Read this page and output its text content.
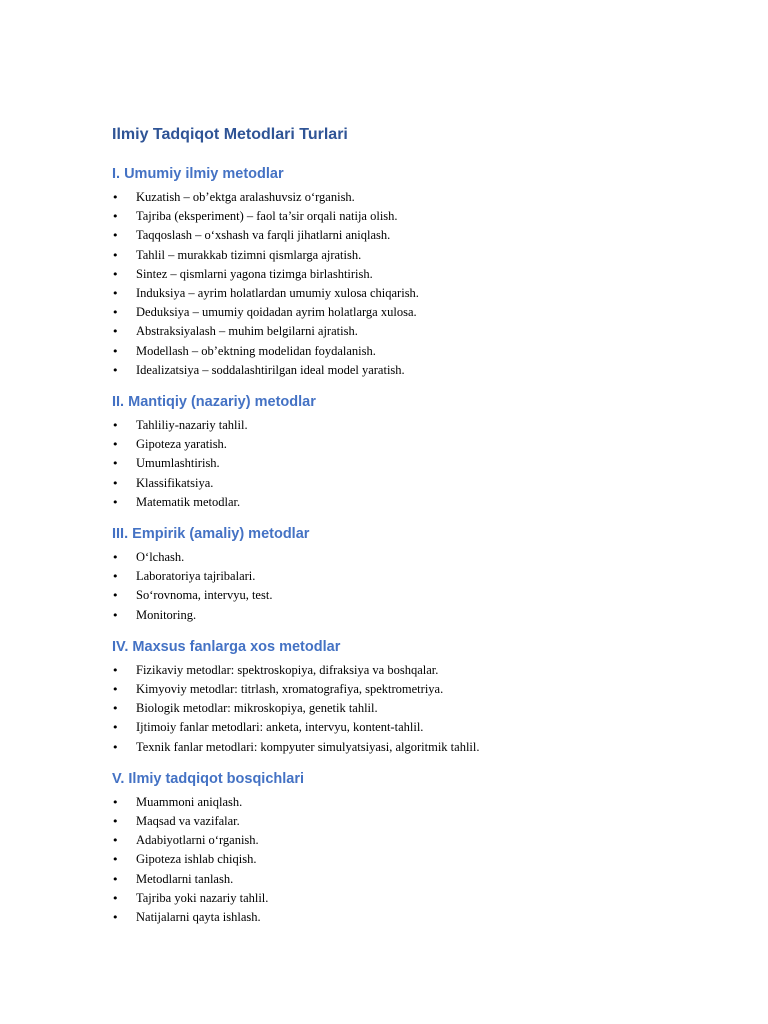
Ilmiy Tadqiqot Metodlari Turlari
I. Umumiy ilmiy metodlar
• Kuzatish – ob’ektga aralashuvsiz o‘rganish.
• Tajriba (eksperiment) – faol ta’sir orqali natija olish.
• Taqqoslash – o‘xshash va farqli jihatlarni aniqlash.
• Tahlil – murakkab tizimni qismlarga ajratish.
• Sintez – qismlarni yagona tizimga birlashtirish.
• Induksiya – ayrim holatlardan umumiy xulosa chiqarish.
• Deduksiya – umumiy qoidadan ayrim holatlarga xulosa.
• Abstraksiyalash – muhim belgilarni ajratish.
• Modellash – ob’ektning modelidan foydalanish.
• Idealizatsiya – soddalashtirilgan ideal model yaratish.
II. Mantiqiy (nazariy) metodlar
• Tahliliy-nazariy tahlil.
• Gipoteza yaratish.
• Umumlashtirish.
• Klassifikatsiya.
• Matematik metodlar.
III. Empirik (amaliy) metodlar
• O‘lchash.
• Laboratoriya tajribalari.
• So‘rovnoma, intervyu, test.
• Monitoring.
IV. Maxsus fanlarga xos metodlar
• Fizikaviy metodlar: spektroskopiya, difraksiya va boshqalar.
• Kimyoviy metodlar: titrlash, xromatografiya, spektrometriya.
• Biologik metodlar: mikroskopiya, genetik tahlil.
• Ijtimoiy fanlar metodlari: anketa, intervyu, kontent-tahlil.
• Texnik fanlar metodlari: kompyuter simulyatsiyasi, algoritmik tahlil.
V. Ilmiy tadqiqot bosqichlari
• Muammoni aniqlash.
• Maqsad va vazifalar.
• Adabiyotlarni o‘rganish.
• Gipoteza ishlab chiqish.
• Metodlarni tanlash.
• Tajriba yoki nazariy tahlil.
• Natijalarni qayta ishlash.
